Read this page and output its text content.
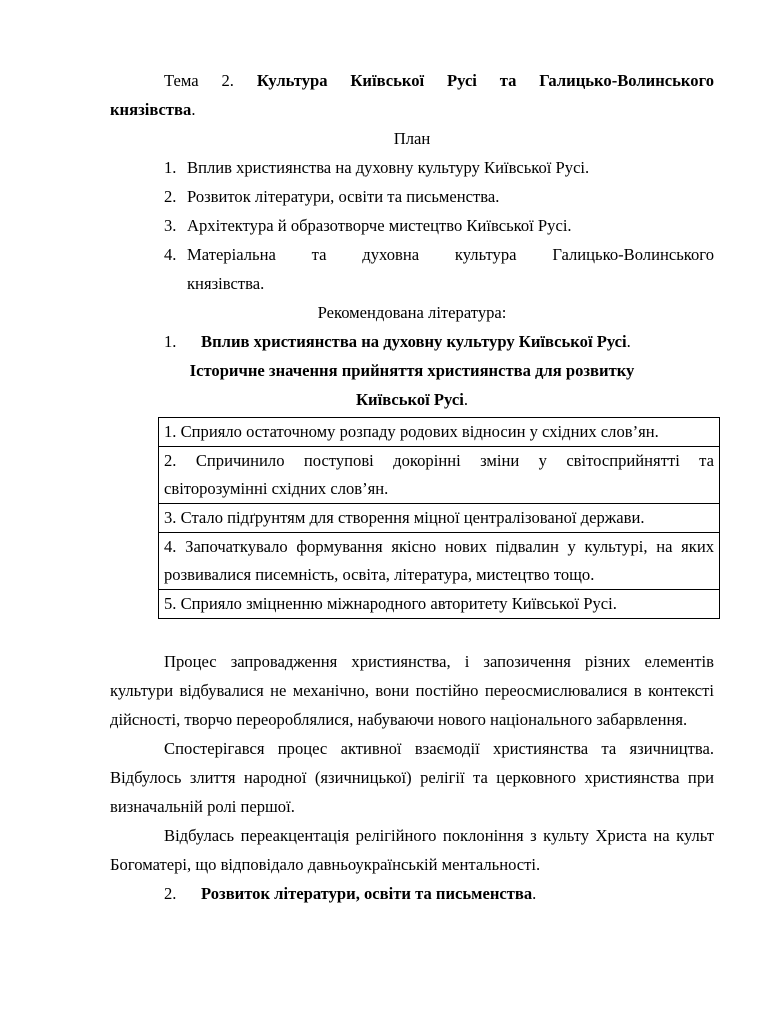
Тема 2. Культура Київської Русі та Галицько-Волинського
князівства.
План
1. Вплив християнства на духовну культуру Київської Русі.
2. Розвиток літератури, освіти та письменства.
3. Архітектура й образотворче мистецтво Київської Русі.
4. Матеріальна та духовна культура Галицько-Волинського
князівства.
Рекомендована література:
1. Вплив християнства на духовну культуру Київської Русі.
Історичне значення прийняття християнства для розвитку
Київської Русі.
1. Сприяло остаточному розпаду родових відносин у східних слов’ян.
2. Спричинило поступові докорінні зміни у світосприйнятті та світорозумінні східних слов’ян.
3. Стало підґрунтям для створення міцної централізованої держави.
4. Започаткувало формування якісно нових підвалин у культурі, на яких розвивалися писемність, освіта, література, мистецтво тощо.
5. Сприяло зміцненню міжнародного авторитету Київської Русі.

Процес запровадження християнства, і запозичення різних елементів культури відбувалися не механічно, вони постійно переосмислювалися в контексті дійсності, творчо переороблялися, набуваючи нового національного забарвлення.

Спостерігався процес активної взаємодії християнства та язичництва. Відбулось злиття народної (язичницької) релігії та церковного християнства при визначальній ролі першої.

Відбулась переакцентація релігійного поклоніння з культу Христа на культ Богоматері, що відповідало давньоукраїнській ментальності.

2. Розвиток літератури, освіти та письменства.
